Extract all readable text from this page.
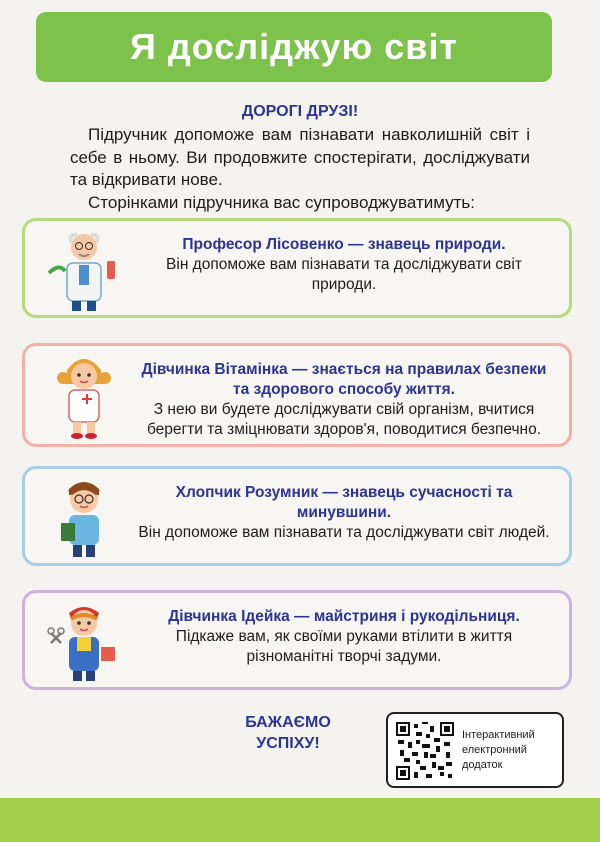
Я досліджую світ
ДОРОГІ ДРУЗІ!

Підручник допоможе вам пізнавати навколишній світ і себе в ньому. Ви продовжите спостерігати, досліджувати та відкривати нове.

Сторінками підручника вас супроводжуватимуть:

Професор Лісовенко — знавець природи.
Він допоможе вам пізнавати та досліджувати світ природи.
Дівчинка Вітамінка — знається на правилах безпеки та здорового способу життя.
З нею ви будете досліджувати свій організм, вчитися берегти та зміцнювати здоров'я, поводитися безпечно.
Хлопчик Розумник — знавець сучасності та минувшини.
Він допоможе вам пізнавати та досліджувати світ людей.
Дівчинка Ідейка — майстриня і рукодільниця.
Підкаже вам, як своїми руками втілити в життя різноманітні творчі задуми.
БАЖАЄМО
УСПІХУ!	Інтерактивний електронний додаток
